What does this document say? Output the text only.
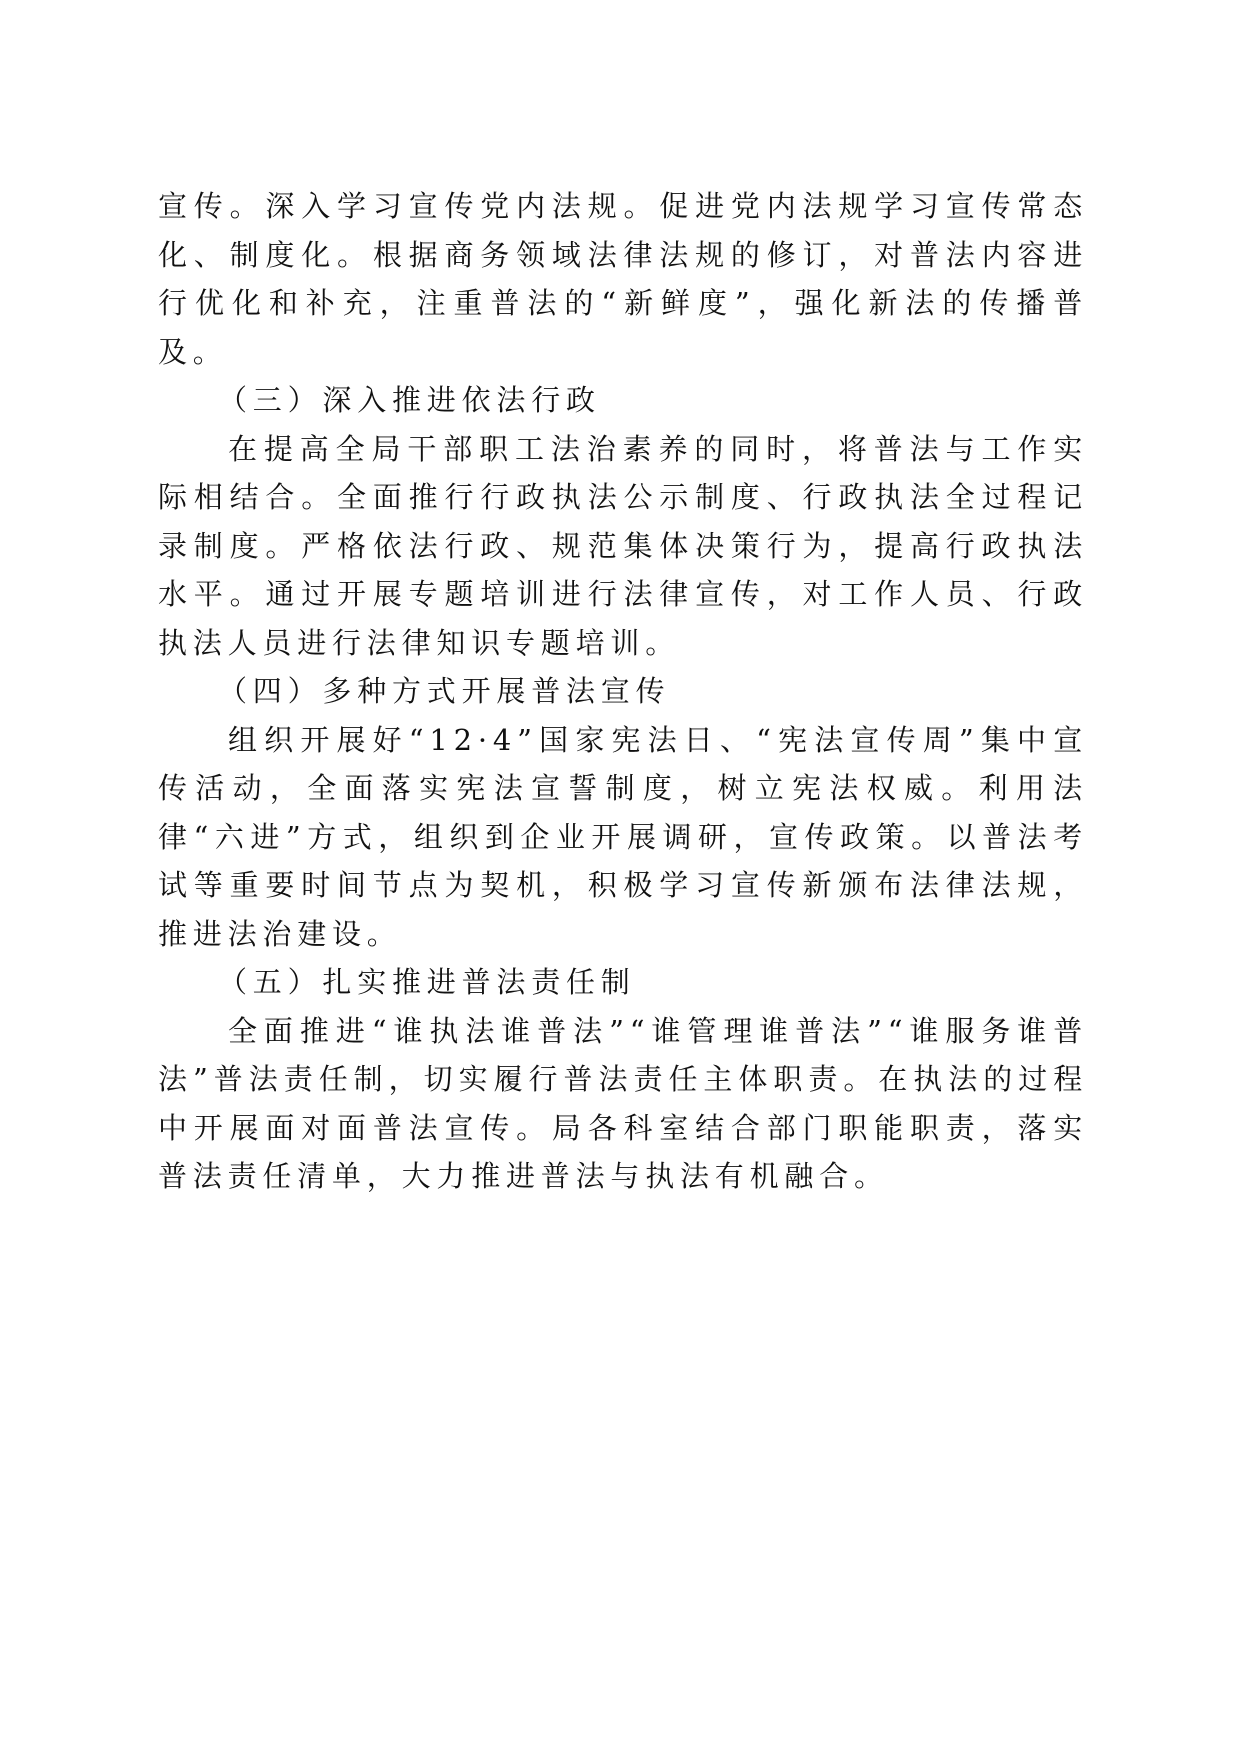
宣传。深入学习宣传党内法规。促进党内法规学习宣传常态化、制度化。根据商务领域法律法规的修订，对普法内容进行优化和补充，注重普法的“新鲜度”，强化新法的传播普及。

（三）深入推进依法行政

在提高全局干部职工法治素养的同时，将普法与工作实际相结合。全面推行行政执法公示制度、行政执法全过程记录制度。严格依法行政、规范集体决策行为，提高行政执法水平。通过开展专题培训进行法律宣传，对工作人员、行政执法人员进行法律知识专题培训。

（四）多种方式开展普法宣传

组织开展好“12·4”国家宪法日、“宪法宣传周”集中宣传活动，全面落实宪法宣誓制度，树立宪法权威。利用法律“六进”方式，组织到企业开展调研，宣传政策。以普法考试等重要时间节点为契机，积极学习宣传新颁布法律法规，推进法治建设。

（五）扎实推进普法责任制

全面推进“谁执法谁普法”“谁管理谁普法”“谁服务谁普法”普法责任制，切实履行普法责任主体职责。在执法的过程中开展面对面普法宣传。局各科室结合部门职能职责，落实普法责任清单，大力推进普法与执法有机融合。
